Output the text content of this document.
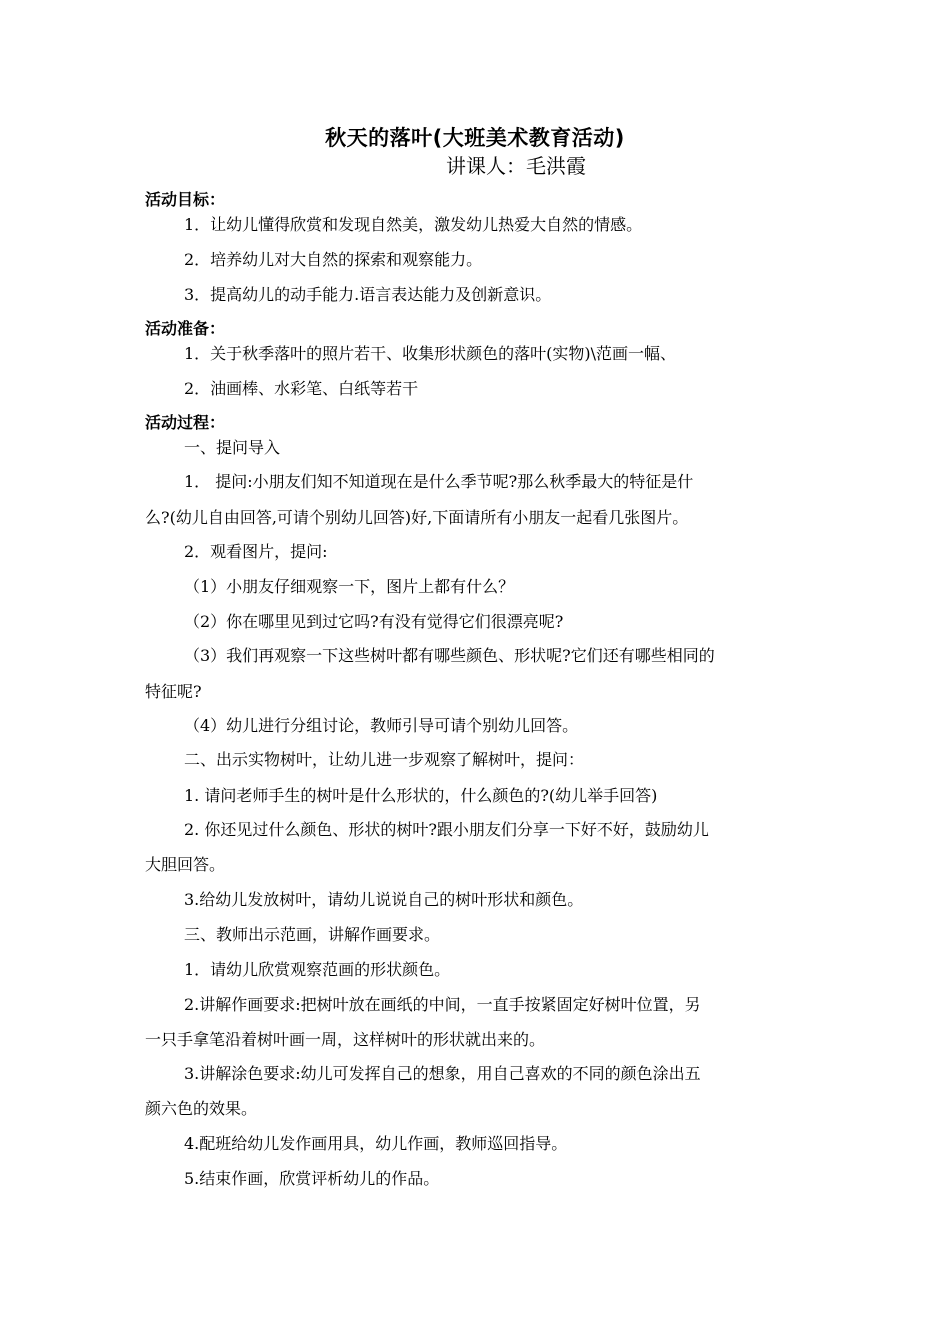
秋天的落叶(大班美术教育活动)
讲课人：毛洪霞
活动目标：
1．让幼儿懂得欣赏和发现自然美，激发幼儿热爱大自然的情感。
2．培养幼儿对大自然的探索和观察能力。
3．提高幼儿的动手能力.语言表达能力及创新意识。
活动准备：
1．关于秋季落叶的照片若干、收集形状颜色的落叶(实物)\范画一幅、
2．油画棒、水彩笔、白纸等若干
活动过程：
一、提问导入
1． 提问:小朋友们知不知道现在是什么季节呢?那么秋季最大的特征是什
么?(幼儿自由回答,可请个别幼儿回答)好,下面请所有小朋友一起看几张图片。
2．观看图片，提问:
（1）小朋友仔细观察一下，图片上都有什么？
（2）你在哪里见到过它吗?有没有觉得它们很漂亮呢?
（3）我们再观察一下这些树叶都有哪些颜色、形状呢?它们还有哪些相同的
特征呢?
（4）幼儿进行分组讨论，教师引导可请个别幼儿回答。
二、出示实物树叶，让幼儿进一步观察了解树叶，提问：
1. 请问老师手生的树叶是什么形状的，什么颜色的?(幼儿举手回答)
2. 你还见过什么颜色、形状的树叶?跟小朋友们分享一下好不好，鼓励幼儿
大胆回答。
3.给幼儿发放树叶，请幼儿说说自己的树叶形状和颜色。
三、教师出示范画，讲解作画要求。
1．请幼儿欣赏观察范画的形状颜色。
2.讲解作画要求:把树叶放在画纸的中间，一直手按紧固定好树叶位置，另
一只手拿笔沿着树叶画一周，这样树叶的形状就出来的。
3.讲解涂色要求:幼儿可发挥自己的想象，用自己喜欢的不同的颜色涂出五
颜六色的效果。
4.配班给幼儿发作画用具，幼儿作画，教师巡回指导。
5.结束作画，欣赏评析幼儿的作品。
